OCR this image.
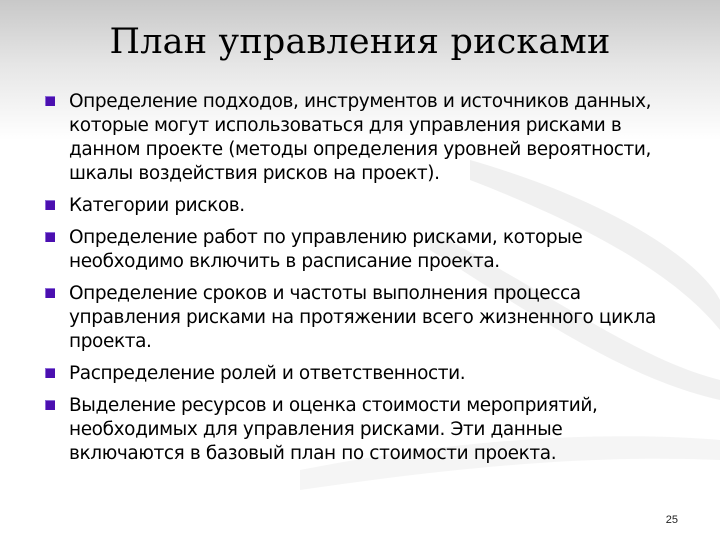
План управления рисками
Определение подходов, инструментов и источников данных, которые могут использоваться для управления рисками в данном проекте (методы определения уровней вероятности, шкалы воздействия рисков на проект).
Категории рисков.
Определение работ по управлению рисками, которые необходимо включить в расписание проекта.
Определение сроков и частоты выполнения процесса управления рисками на протяжении всего жизненного цикла проекта.
Распределение ролей и ответственности.
Выделение ресурсов и оценка стоимости мероприятий, необходимых для управления рисками. Эти данные включаются в базовый план по стоимости проекта.
25
